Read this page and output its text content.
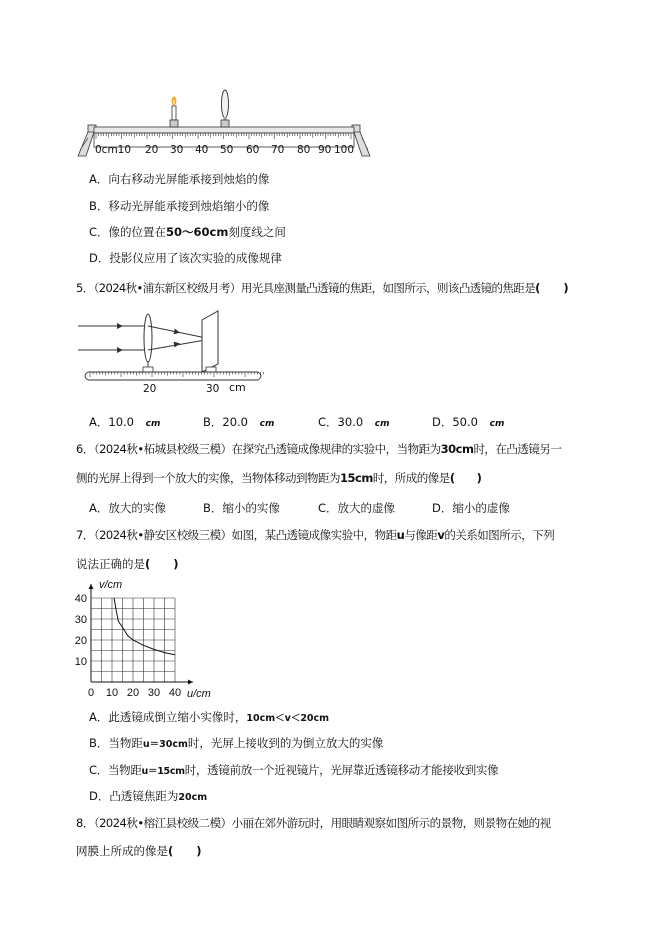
0cm10 20 30 40 50 60 70 80 90 100
A．向右移动光屏能承接到烛焰的像
B．移动光屏能承接到烛焰缩小的像
C．像的位置在50～60cm刻度线之间
D．投影仪应用了该次实验的成像规律
5．（2024秋•浦东新区校级月考）用光具座测量凸透镜的焦距，如图所示，则该凸透镜的焦距是(　　)
20	30 cm
A．10.0 cm	B．20.0 cm	C．30.0 cm	D．50.0 cm
6．（2024秋•柘城县校级三模）在探究凸透镜成像规律的实验中，当物距为30cm时，在凸透镜另一
侧的光屏上得到一个放大的实像，当物体移动到物距为15cm时，所成的像是(　　)
A．放大的实像	B．缩小的实像	C．放大的虚像	D．缩小的虚像
7．（2024秋•静安区校级三模）如图，某凸透镜成像实验中，物距u与像距v的关系如图所示，下列
说法正确的是(　　)
0 10 20 30 40
10
20
30
40
u/cm
v/cm
A．此透镜成倒立缩小实像时，10cm＜v＜20cm
B．当物距u＝30cm时，光屏上接收到的为倒立放大的实像
C．当物距u＝15cm时，透镜前放一个近视镜片，光屏靠近透镜移动才能接收到实像
D．凸透镜焦距为20cm
8．（2024秋•榕江县校级二模）小丽在郊外游玩时，用眼睛观察如图所示的景物，则景物在她的视
网膜上所成的像是(　　)
